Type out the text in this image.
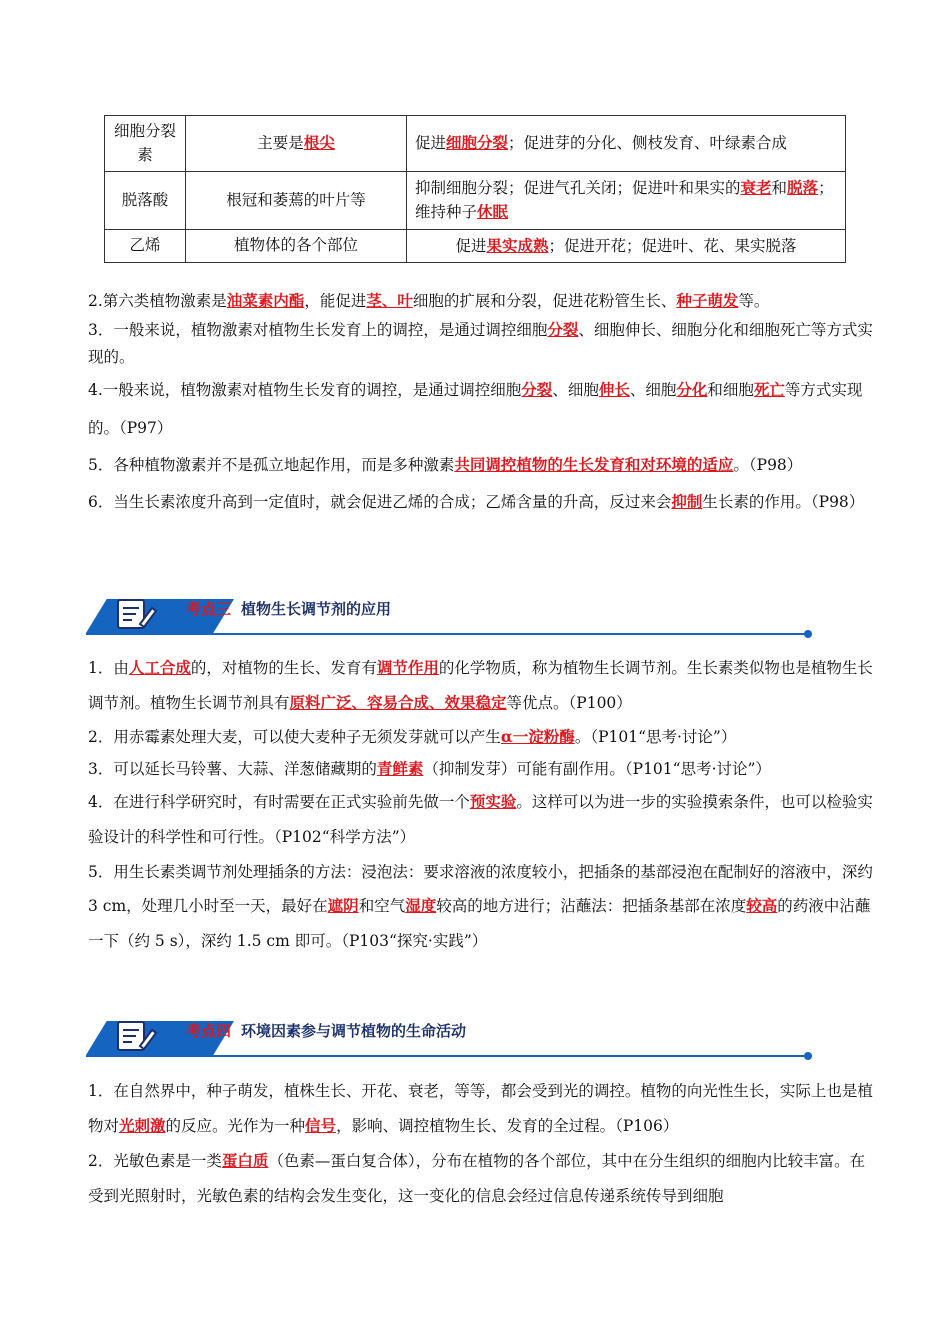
细胞分裂素	主要是根尖	促进细胞分裂；促进芽的分化、侧枝发育、叶绿素合成
脱落酸	根冠和萎蔫的叶片等	抑制细胞分裂；促进气孔关闭；促进叶和果实的衰老和脱落；维持种子休眠
乙烯	植物体的各个部位	促进果实成熟；促进开花；促进叶、花、果实脱落

2.第六类植物激素是油菜素内酯，能促进茎、叶细胞的扩展和分裂，促进花粉管生长、种子萌发等。

3．一般来说，植物激素对植物生长发育上的调控，是通过调控细胞分裂、细胞伸长、细胞分化和细胞死亡等方式实现的。

4.一般来说，植物激素对植物生长发育的调控，是通过调控细胞分裂、细胞伸长、细胞分化和细胞死亡等方式实现的。（P97）

5．各种植物激素并不是孤立地起作用，而是多种激素共同调控植物的生长发育和对环境的适应。（P98）

6．当生长素浓度升高到一定值时，就会促进乙烯的合成；乙烯含量的升高，反过来会抑制生长素的作用。（P98）

考点三 植物生长调节剂的应用

1．由人工合成的，对植物的生长、发育有调节作用的化学物质，称为植物生长调节剂。生长素类似物也是植物生长调节剂。植物生长调节剂具有原料广泛、容易合成、效果稳定等优点。（P100）

2．用赤霉素处理大麦，可以使大麦种子无须发芽就可以产生α一淀粉酶。（P101“思考·讨论”）

3．可以延长马铃薯、大蒜、洋葱储藏期的青鲜素（抑制发芽）可能有副作用。（P101“思考·讨论”）

4．在进行科学研究时，有时需要在正式实验前先做一个预实验。这样可以为进一步的实验摸索条件，也可以检验实验设计的科学性和可行性。（P102“科学方法”）

5．用生长素类调节剂处理插条的方法：浸泡法：要求溶液的浓度较小，把插条的基部浸泡在配制好的溶液中，深约 3 cm，处理几小时至一天，最好在遮阴和空气湿度较高的地方进行；沾蘸法：把插条基部在浓度较高的药液中沾蘸一下（约 5 s），深约 1.5 cm 即可。（P103“探究·实践”）

考点四 环境因素参与调节植物的生命活动

1．在自然界中，种子萌发，植株生长、开花、衰老，等等，都会受到光的调控。植物的向光性生长，实际上也是植物对光刺激的反应。光作为一种信号，影响、调控植物生长、发育的全过程。（P106）

2．光敏色素是一类蛋白质（色素—蛋白复合体），分布在植物的各个部位，其中在分生组织的细胞内比较丰富。在受到光照射时，光敏色素的结构会发生变化，这一变化的信息会经过信息传递系统传导到细胞
